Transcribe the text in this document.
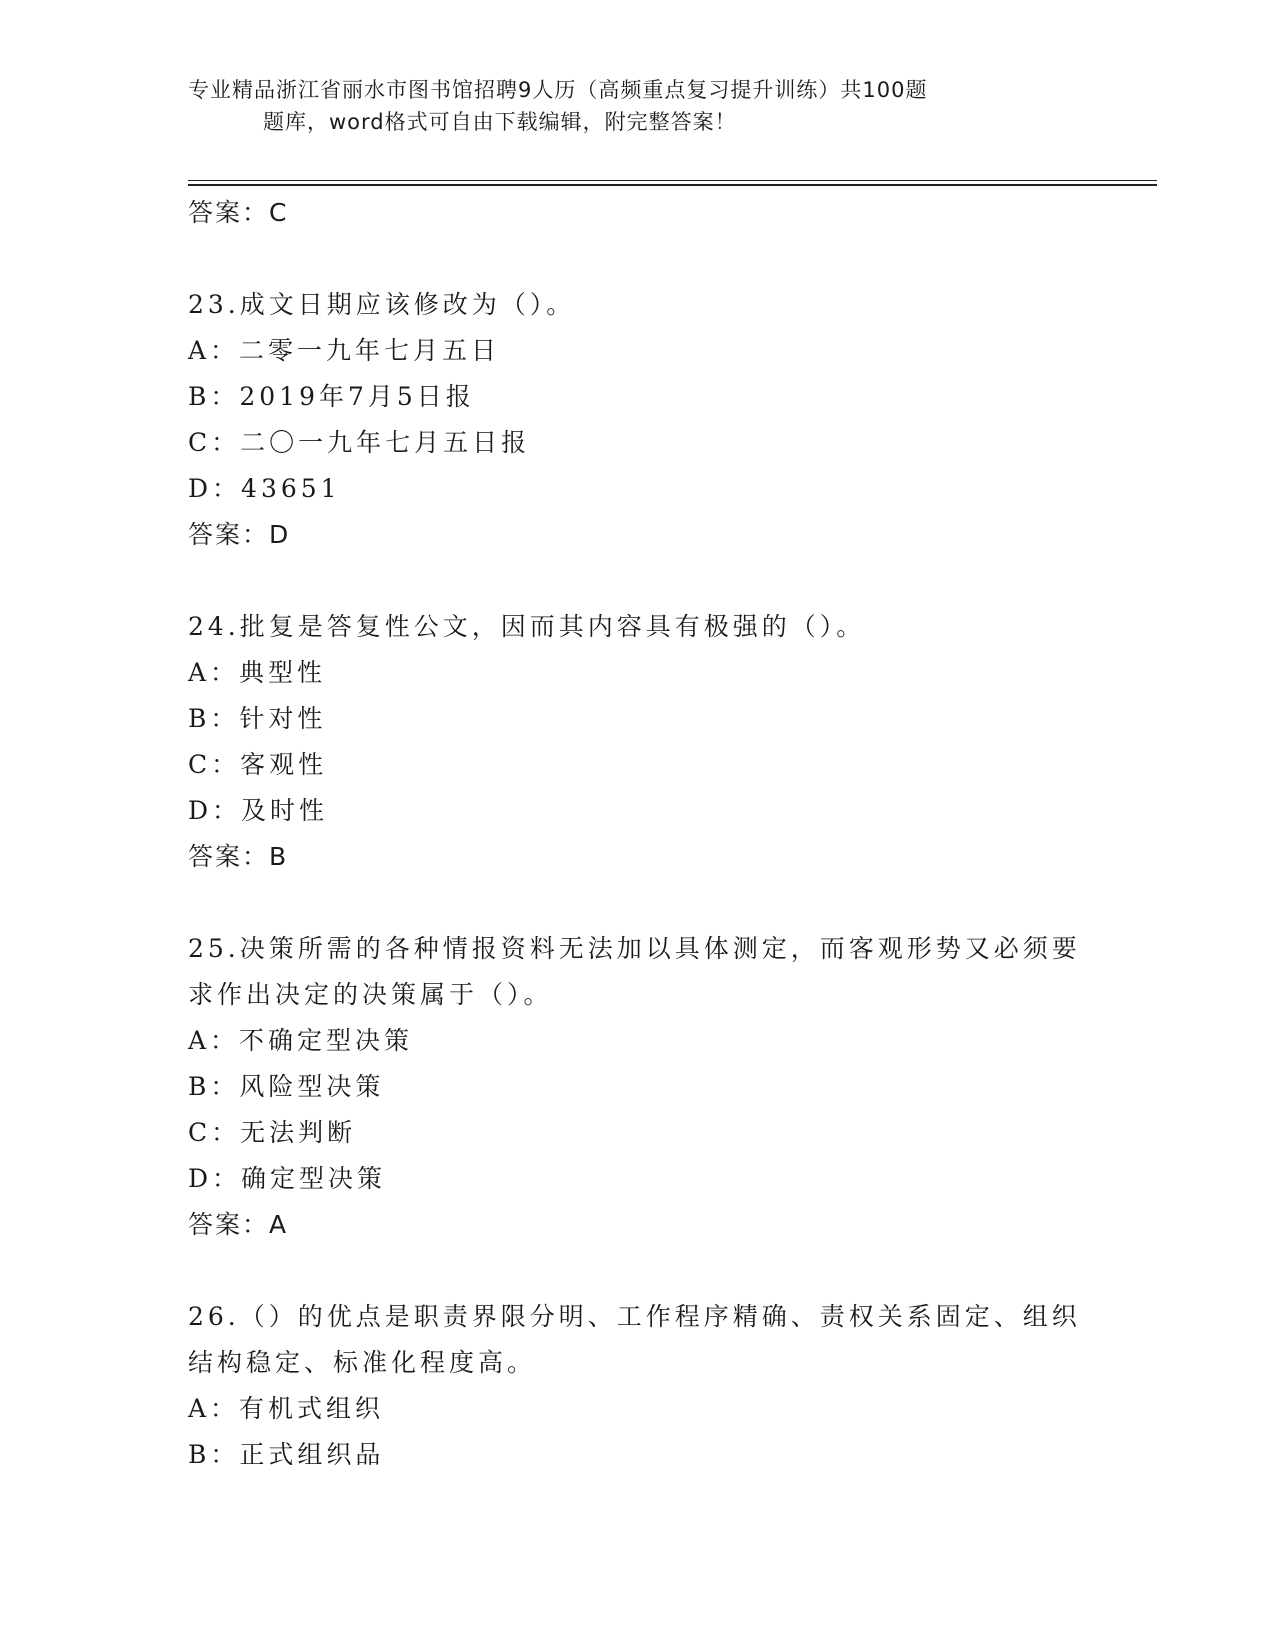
专业精品浙江省丽水市图书馆招聘9人历（高频重点复习提升训练）共100题
题库，word格式可自由下载编辑，附完整答案！
答案：C
23.成文日期应该修改为（）。
A：二零一九年七月五日
B：2019年7月5日报
C：二〇一九年七月五日报
D：43651
答案：D
24.批复是答复性公文，因而其内容具有极强的（）。
A：典型性
B：针对性
C：客观性
D：及时性
答案：B
25.决策所需的各种情报资料无法加以具体测定，而客观形势又必须要
求作出决定的决策属于（）。
A：不确定型决策
B：风险型决策
C：无法判断
D：确定型决策
答案：A
26.（）的优点是职责界限分明、工作程序精确、责权关系固定、组织
结构稳定、标准化程度高。
A：有机式组织
B：正式组织品
